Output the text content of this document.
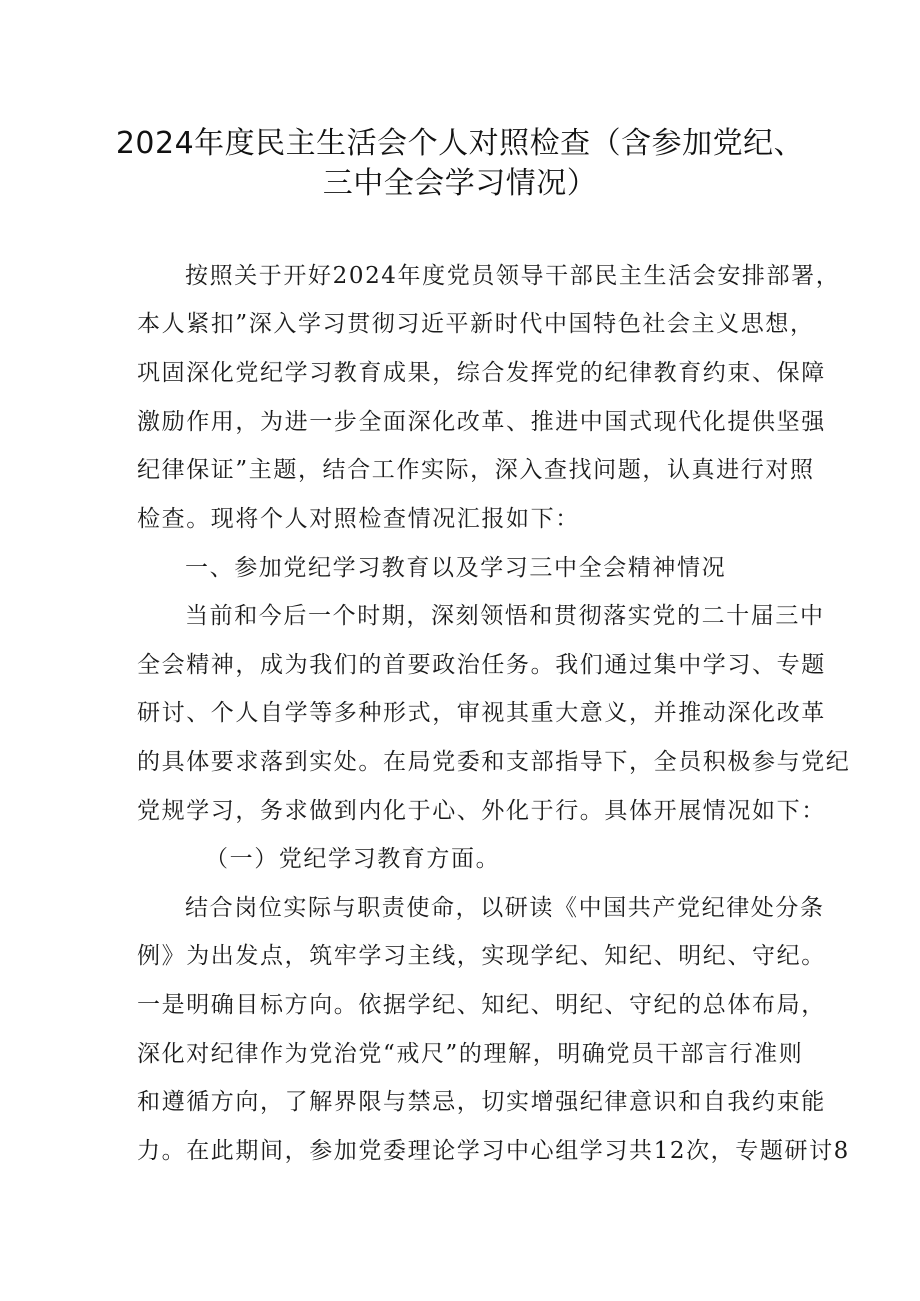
2024年度民主生活会个人对照检查（含参加党纪、
三中全会学习情况）
按照关于开好2024年度党员领导干部民主生活会安排部署，
本人紧扣”深入学习贯彻习近平新时代中国特色社会主义思想，
巩固深化党纪学习教育成果，综合发挥党的纪律教育约束、保障
激励作用，为进一步全面深化改革、推进中国式现代化提供坚强
纪律保证”主题，结合工作实际，深入查找问题，认真进行对照
检查。现将个人对照检查情况汇报如下：
一、参加党纪学习教育以及学习三中全会精神情况
当前和今后一个时期，深刻领悟和贯彻落实党的二十届三中
全会精神，成为我们的首要政治任务。我们通过集中学习、专题
研讨、个人自学等多种形式，审视其重大意义，并推动深化改革
的具体要求落到实处。在局党委和支部指导下，全员积极参与党纪
党规学习，务求做到内化于心、外化于行。具体开展情况如下：
（一）党纪学习教育方面。
结合岗位实际与职责使命，以研读《中国共产党纪律处分条
例》为出发点，筑牢学习主线，实现学纪、知纪、明纪、守纪。
一是明确目标方向。依据学纪、知纪、明纪、守纪的总体布局，
深化对纪律作为党治党“戒尺”的理解，明确党员干部言行准则
和遵循方向，了解界限与禁忌，切实增强纪律意识和自我约束能
力。在此期间，参加党委理论学习中心组学习共12次，专题研讨8
